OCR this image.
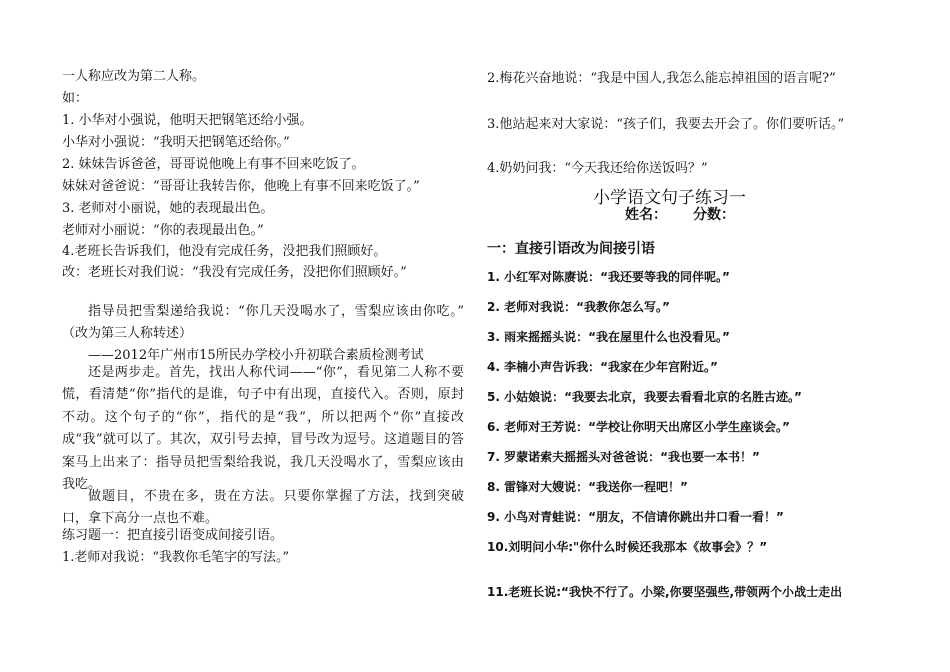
一人称应改为第二人称。
如：
1. 小华对小强说，他明天把钢笔还给小强。
小华对小强说：“我明天把钢笔还给你。”
2. 妹妹告诉爸爸，哥哥说他晚上有事不回来吃饭了。
妹妹对爸爸说：“哥哥让我转告你，他晚上有事不回来吃饭了。”
3. 老师对小丽说，她的表现最出色。
老师对小丽说：“你的表现最出色。”
4.老班长告诉我们，他没有完成任务，没把我们照顾好。
改：老班长对我们说：“我没有完成任务，没把你们照顾好。”
指导员把雪梨递给我说：“你几天没喝水了，雪梨应该由你吃。” （改为第三人称转述）
——2012年广州市15所民办学校小升初联合素质检测考试
还是两步走。首先，找出人称代词——“你”，看见第二人称不要慌，看清楚“你”指代的是谁，句子中有出现，直接代入。否则，原封不动。这个句子的“你”，指代的是“我”，所以把两个“你”直接改成“我”就可以了。其次，双引号去掉，冒号改为逗号。这道题目的答案马上出来了：指导员把雪梨给我说，我几天没喝水了，雪梨应该由我吃。
做题目，不贵在多，贵在方法。只要你掌握了方法，找到突破口，拿下高分一点也不难。
练习题一：把直接引语变成间接引语。
1.老师对我说：“我教你毛笔字的写法。”
2.梅花兴奋地说：“我是中国人,我怎么能忘掉祖国的语言呢?”
3.他站起来对大家说：“孩子们，我要去开会了。你们要听话。”
4.奶奶问我：“今天我还给你送饭吗？”
小学语文句子练习一
姓名： 分数：
一：直接引语改为间接引语
1. 小红军对陈赓说：“我还要等我的同伴呢。”
2. 老师对我说：“我教你怎么写。”
3. 雨来摇摇头说：“我在屋里什么也没看见。”
4. 李楠小声告诉我：“我家在少年宫附近。”
5. 小姑娘说：“我要去北京，我要去看看北京的名胜古迹。”
6. 老师对王芳说：“学校让你明天出席区小学生座谈会。”
7. 罗蒙诺索夫摇摇头对爸爸说：“我也要一本书！”
8. 雷锋对大嫂说：“我送你一程吧！”
9. 小鸟对青蛙说：“朋友，不信请你跳出井口看一看！”
10.刘明问小华:"你什么时候还我那本《故事会》？”
11.老班长说:“我快不行了。小梁,你要坚强些,带领两个小战士走出
